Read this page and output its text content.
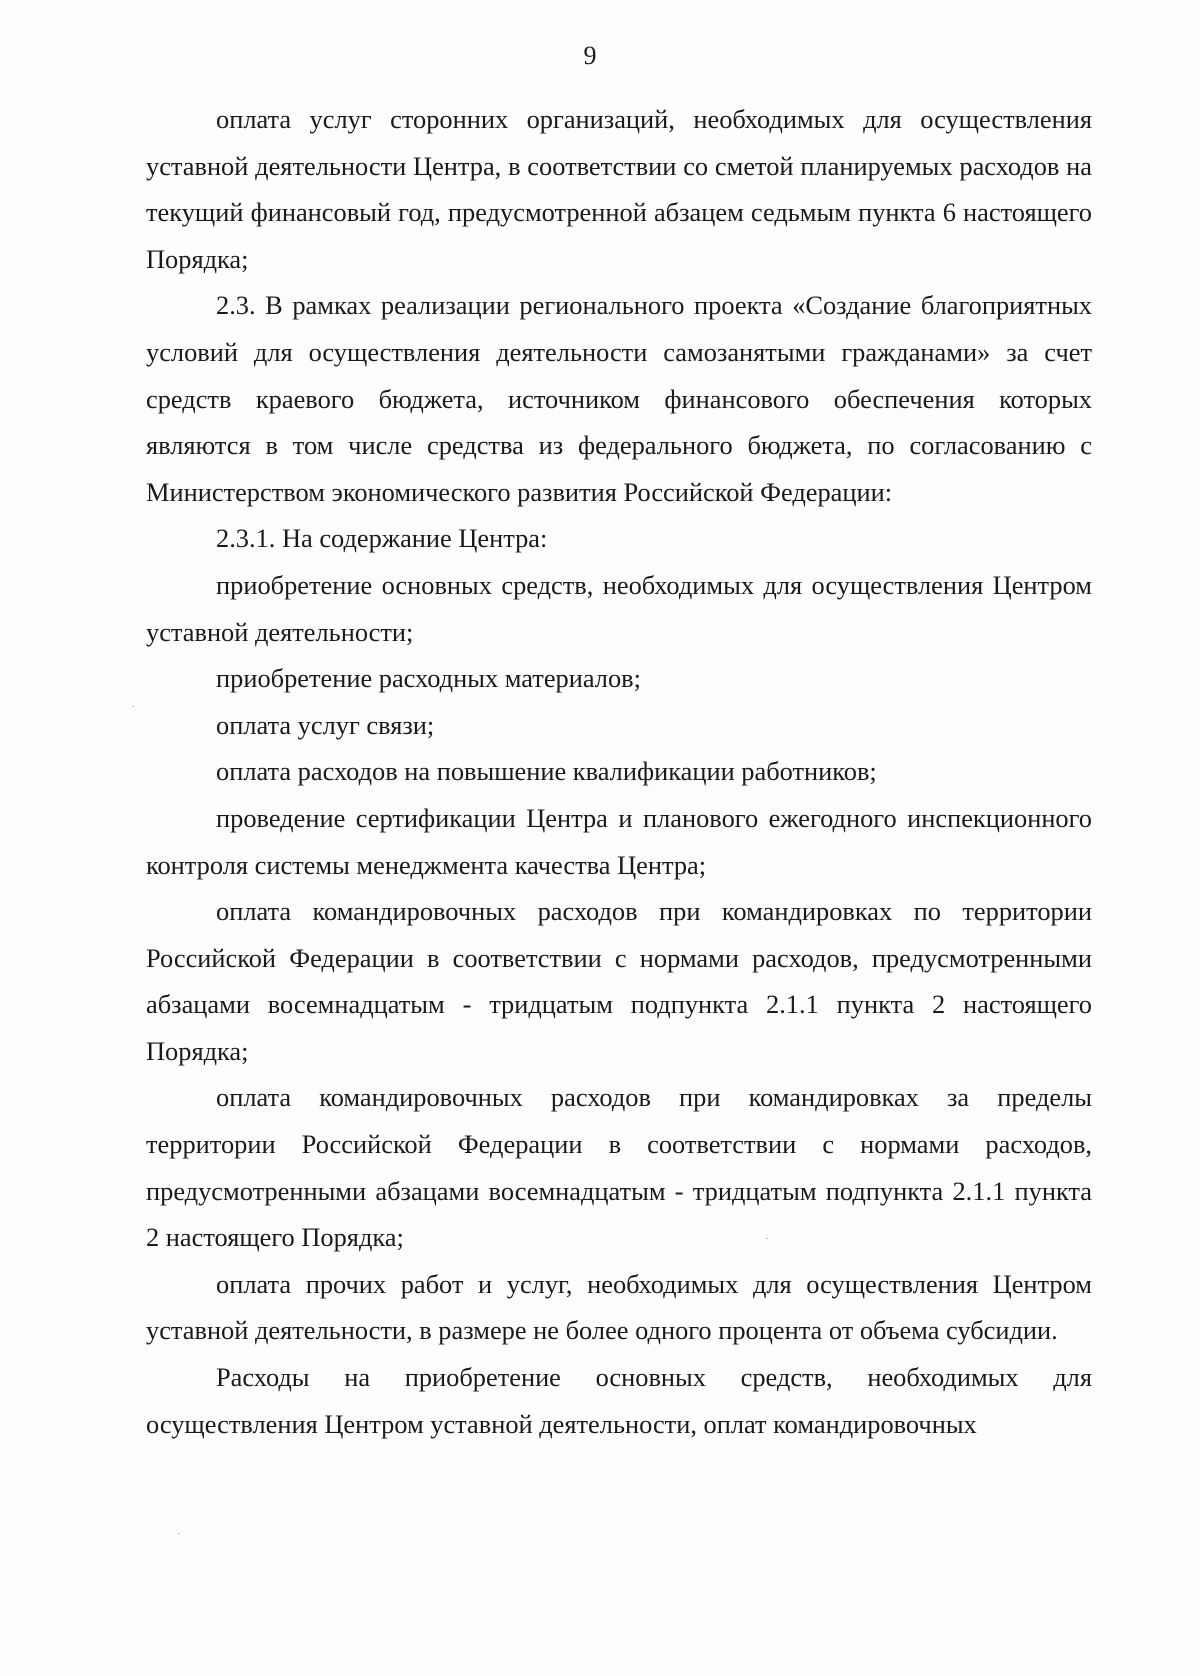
9

оплата услуг сторонних организаций, необходимых для осуществления уставной деятельности Центра, в соответствии со сметой планируемых расходов на текущий финансовый год, предусмотренной абзацем седьмым пункта 6 настоящего Порядка;

2.3. В рамках реализации регионального проекта «Создание благоприятных условий для осуществления деятельности самозанятыми гражданами» за счет средств краевого бюджета, источником финансового обеспечения которых являются в том числе средства из федерального бюджета, по согласованию с Министерством экономического развития Российской Федерации:

2.3.1. На содержание Центра:

приобретение основных средств, необходимых для осуществления Центром уставной деятельности;

приобретение расходных материалов;

оплата услуг связи;

оплата расходов на повышение квалификации работников;

проведение сертификации Центра и планового ежегодного инспекционного контроля системы менеджмента качества Центра;

оплата командировочных расходов при командировках по территории Российской Федерации в соответствии с нормами расходов, предусмотренными абзацами восемнадцатым - тридцатым подпункта 2.1.1 пункта 2 настоящего Порядка;

оплата командировочных расходов при командировках за пределы территории Российской Федерации в соответствии с нормами расходов, предусмотренными абзацами восемнадцатым - тридцатым подпункта 2.1.1 пункта 2 настоящего Порядка;

оплата прочих работ и услуг, необходимых для осуществления Центром уставной деятельности, в размере не более одного процента от объема субсидии.

Расходы на приобретение основных средств, необходимых для осуществления Центром уставной деятельности, оплат командировочных
